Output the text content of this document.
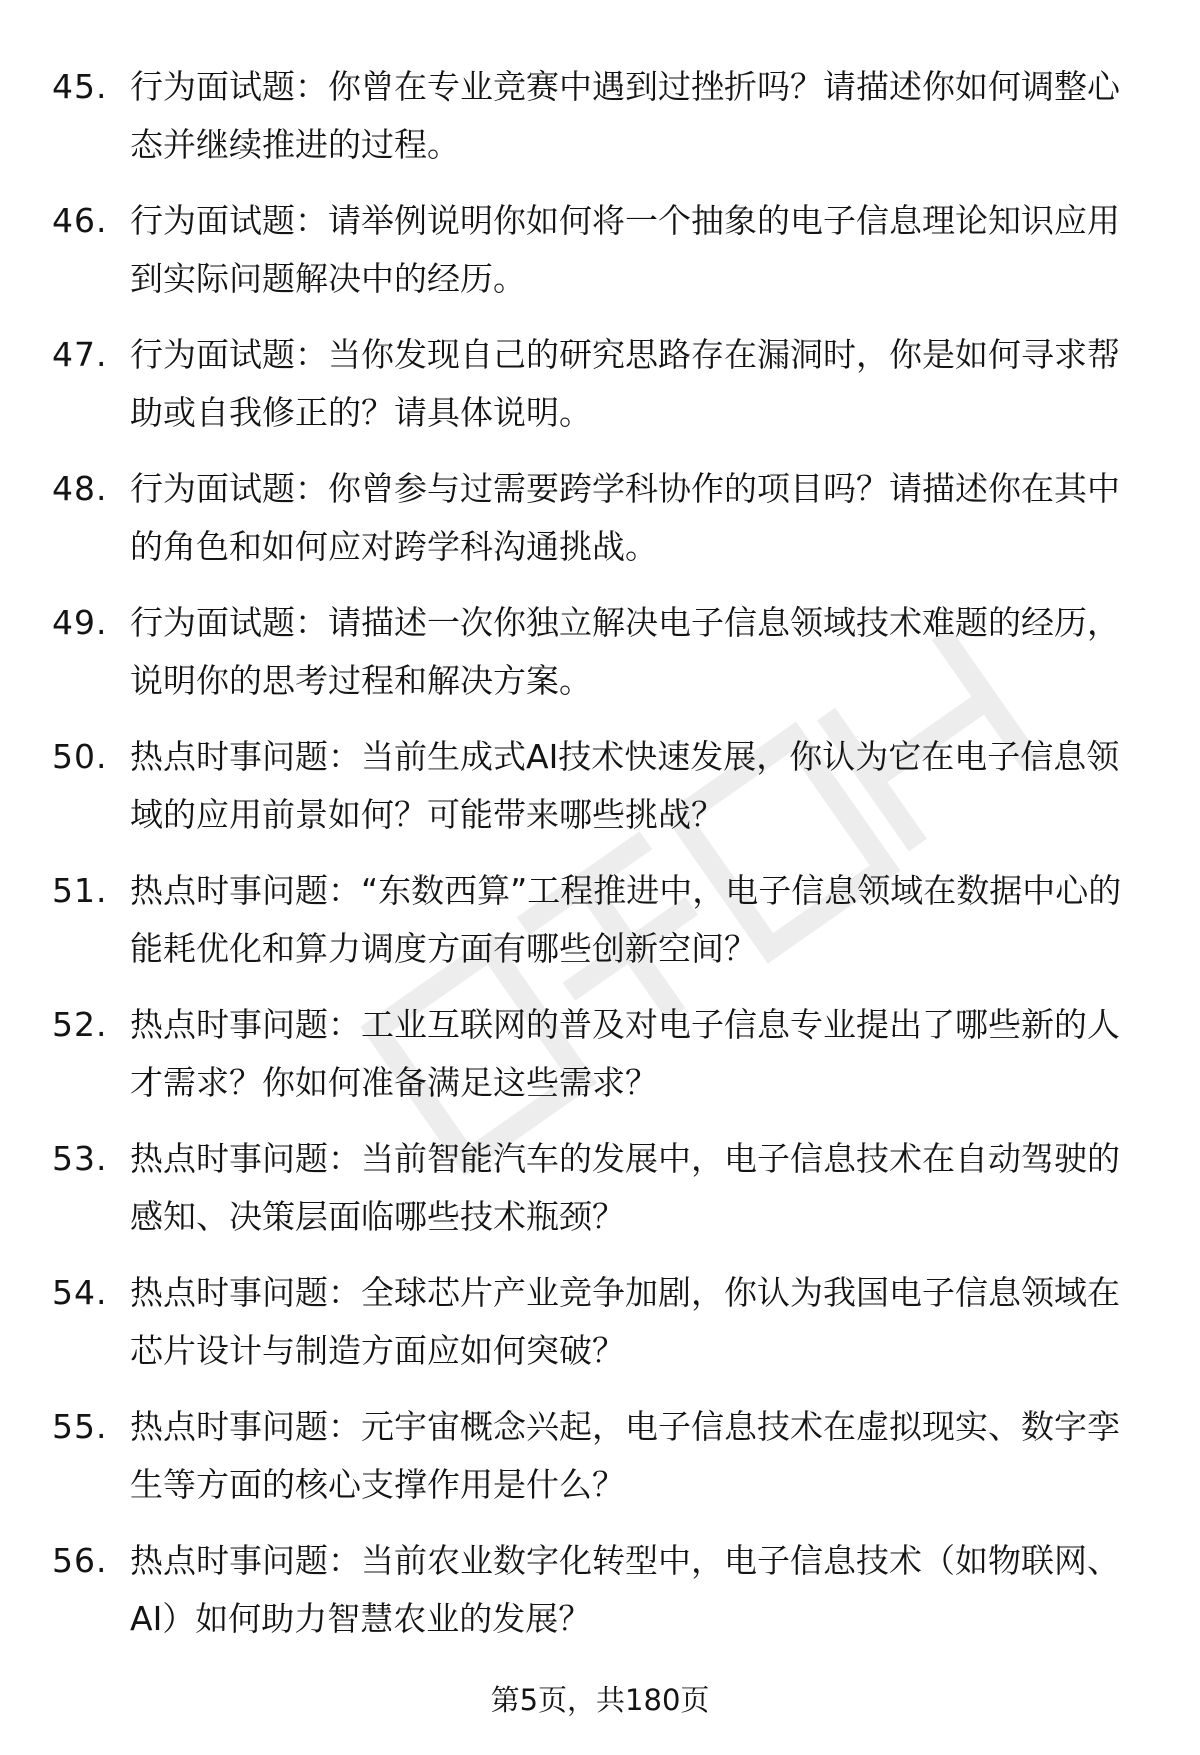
45. 行为面试题：你曾在专业竞赛中遇到过挫折吗？请描述你如何调整心态并继续推进的过程。

46. 行为面试题：请举例说明你如何将一个抽象的电子信息理论知识应用到实际问题解决中的经历。

47. 行为面试题：当你发现自己的研究思路存在漏洞时，你是如何寻求帮助或自我修正的？请具体说明。

48. 行为面试题：你曾参与过需要跨学科协作的项目吗？请描述你在其中的角色和如何应对跨学科沟通挑战。

49. 行为面试题：请描述一次你独立解决电子信息领域技术难题的经历，说明你的思考过程和解决方案。

50. 热点时事问题：当前生成式AI技术快速发展，你认为它在电子信息领域的应用前景如何？可能带来哪些挑战？

51. 热点时事问题：“东数西算”工程推进中，电子信息领域在数据中心的能耗优化和算力调度方面有哪些创新空间？

52. 热点时事问题：工业互联网的普及对电子信息专业提出了哪些新的人才需求？你如何准备满足这些需求？

53. 热点时事问题：当前智能汽车的发展中，电子信息技术在自动驾驶的感知、决策层面临哪些技术瓶颈？

54. 热点时事问题：全球芯片产业竞争加剧，你认为我国电子信息领域在芯片设计与制造方面应如何突破？

55. 热点时事问题：元宇宙概念兴起，电子信息技术在虚拟现实、数字孪生等方面的核心支撑作用是什么？

56. 热点时事问题：当前农业数字化转型中，电子信息技术（如物联网、AI）如何助力智慧农业的发展？

第5页，共180页
